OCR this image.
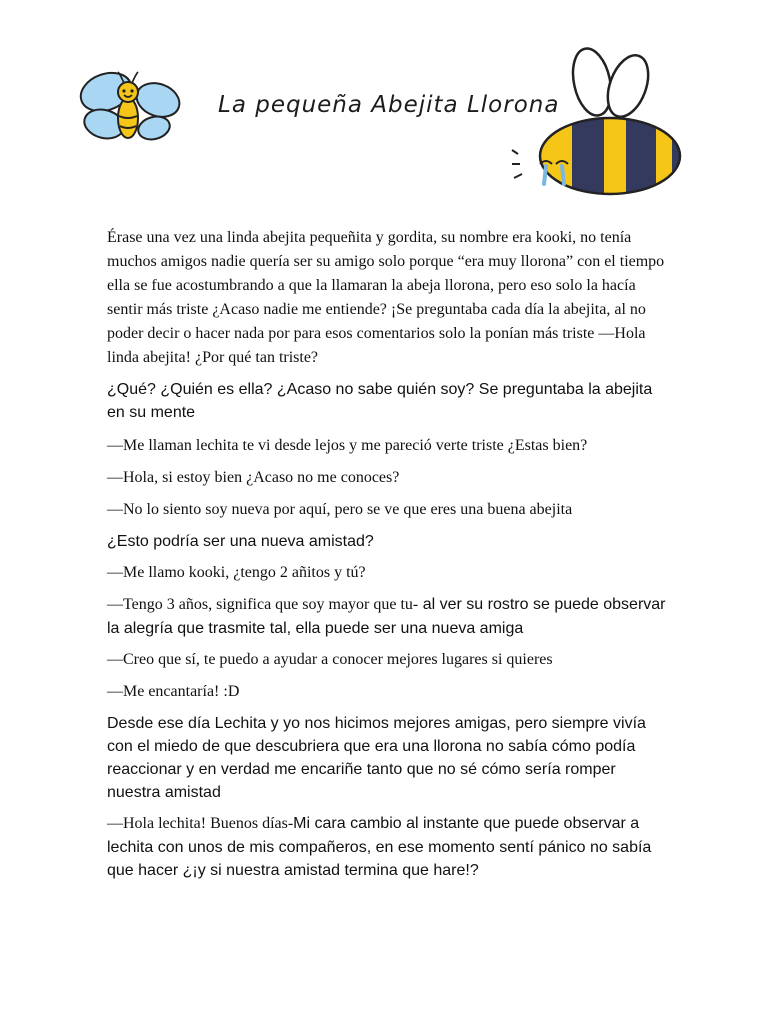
La pequeña Abejita Llorona

Érase una vez una linda abejita pequeñita y gordita, su nombre era kooki, no tenía muchos amigos nadie quería ser su amigo solo porque “era muy llorona” con el tiempo ella se fue acostumbrando a que la llamaran la abeja llorona, pero eso solo la hacía sentir más triste ¿Acaso nadie me entiende? ¡Se preguntaba cada día la abejita, al no poder decir o hacer nada por para esos comentarios solo la ponían más triste —Hola linda abejita! ¿Por qué tan triste?

¿Qué? ¿Quién es ella? ¿Acaso no sabe quién soy? Se preguntaba la abejita en su mente

—Me llaman lechita te vi desde lejos y me pareció verte triste ¿Estas bien?

—Hola, si estoy bien ¿Acaso no me conoces?

—No lo siento soy nueva por aquí, pero se ve que eres una buena abejita

¿Esto podría ser una nueva amistad?

—Me llamo kooki, ¿tengo 2 añitos y tú?

—Tengo 3 años, significa que soy mayor que tu- al ver su rostro se puede observar la alegría que trasmite tal, ella puede ser una nueva amiga

—Creo que sí, te puedo a ayudar a conocer mejores lugares si quieres

—Me encantaría! :D

Desde ese día Lechita y yo nos hicimos mejores amigas, pero siempre vivía con el miedo de que descubriera que era una llorona no sabía cómo podía reaccionar y en verdad me encariñe tanto que no sé cómo sería romper nuestra amistad

—Hola lechita! Buenos días-Mi cara cambio al instante que puede observar a lechita con unos de mis compañeros, en ese momento sentí pánico no sabía que hacer ¿¡y si nuestra amistad termina que hare!?
